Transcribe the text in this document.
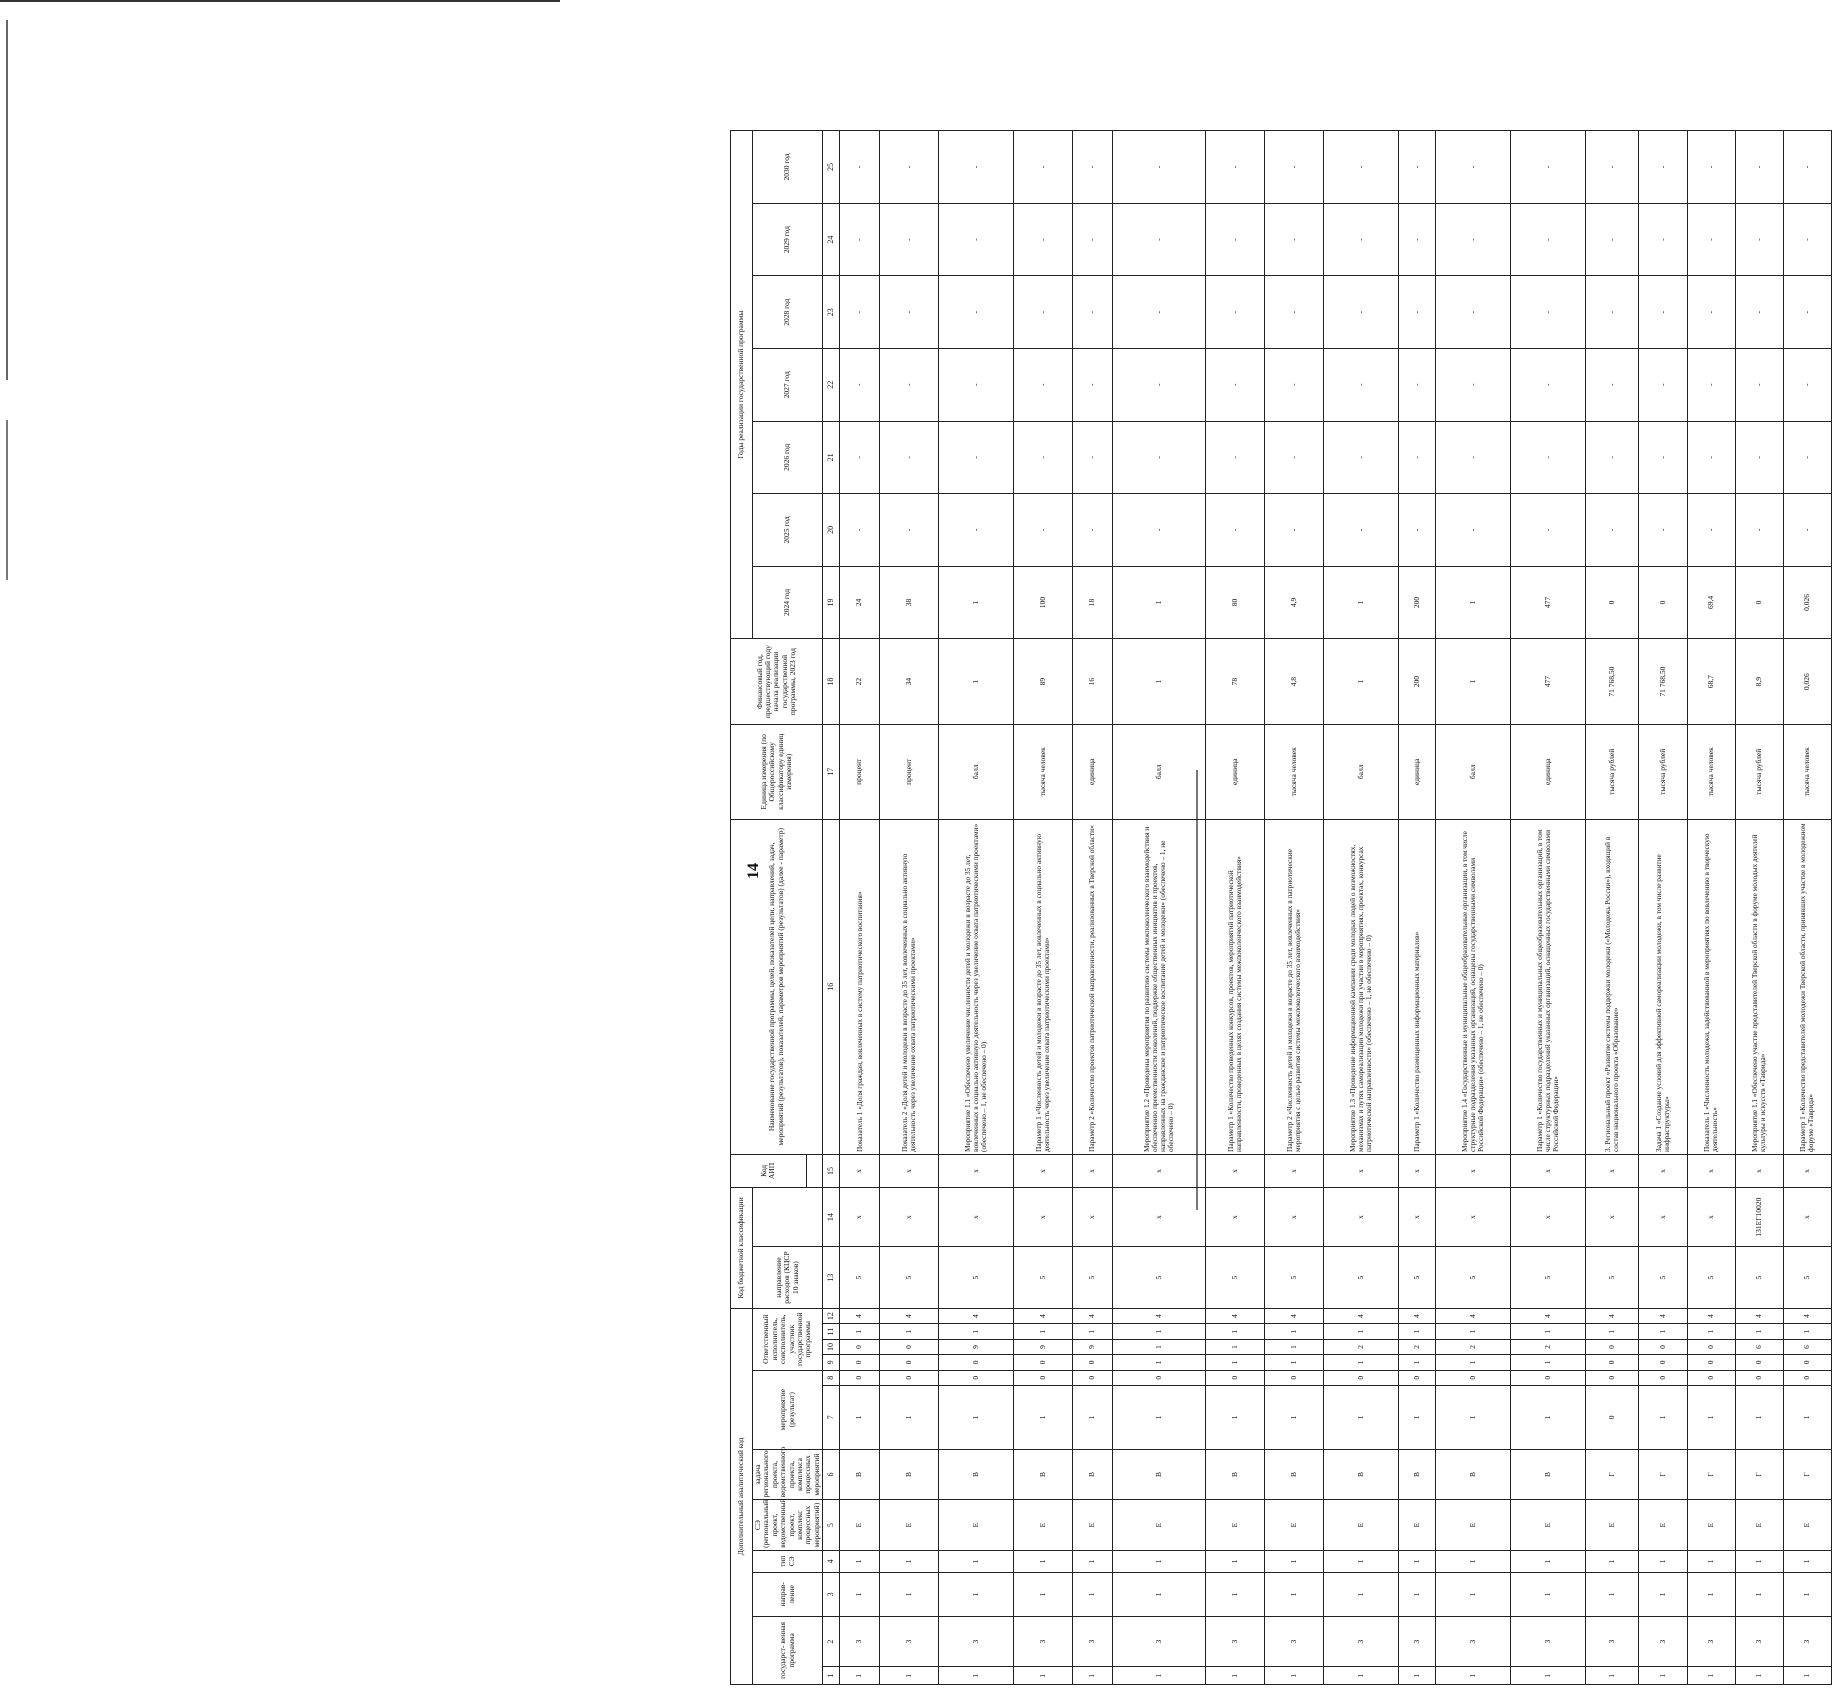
14
Дополнительный аналитический код												Код бюджетной классификации		Код АИП	Наименование государственной программы, целей, показателей цели, направлений, задач, мероприятий (результатов), показателей, параметров мероприятий (результатов) (далее - параметр)	Единица измерения (по Общероссийскому классификатору единиц измерения)	Финансовый год, предшествующий году начала реализации государственной программы, 2023 год	Годы реализации государственной программы						
государст- венная программа		направ- ление	тип СЭ	СЭ (региональный проект, ведомственный проект, комплекс процессных мероприятий)	задача регионального проекта, ведомственного проекта, комплекса процессных мероприятий	мероприятие (результат)		Ответственный исполнитель, соисполнитель, участник государственной программы				направление расходов (КЦСР 10 знаков)						2024 год	2025 год	2026 год	2027 год	2028 год	2029 год	2030 год

1	2	3	4	5	6	7	8	9	10	11	12	13	14	15	16	17	18	19	20	21	22	23	24	25
1	3	1	1	Е	В	1	0	0	0	1	4	5	х	х	Показатель 1 «Доля граждан, вовлеченных в систему патриотического воспитания»	процент	22	24	-	-	-	-	-	-
1	3	1	1	Е	В	1	0	0	0	1	4	5	х	х	Показатель 2 «Доля детей и молодежи в возрасте до 35 лет, вовлеченных в социально активную деятельность через увеличение охвата патриотическими проектами»	процент	34	38	-	-	-	-	-	-
1	3	1	1	Е	В	1	0	0	9	1	4	5	х	х	Мероприятие 1.1 «Обеспечено увеличение численности детей и молодежи в возрасте до 35 лет, вовлеченных в социально активную деятельность через увеличение охвата патриотическими проектами» (обеспечено – 1, не обеспечено – 0)	балл	1	1	-	-	-	-	-	-
1	3	1	1	Е	В	1	0	0	9	1	4	5	х	х	Параметр 1 «Численность детей и молодежи в возрасте до 35 лет, вовлеченных в социально активную деятельность через увеличение охвата патриотическими проектами»	тысяча человек	89	100	-	-	-	-	-	-
1	3	1	1	Е	В	1	0	0	9	1	4	5	х	х	Параметр 2 «Количество проектов патриотической направленности, реализованных в Тверской области»	единица	16	18	-	-	-	-	-	-
1	3	1	1	Е	В	1	0	1	1	1	4	5	х	х	Мероприятие 1.2 «Проведены мероприятия по развитию системы межпоколенческого взаимодействия и обеспечению преемственности поколений, поддержке общественных инициатив и проектов, направленных на гражданское и патриотическое воспитание детей и молодежи» (обеспечено – 1, не обеспечено – 0)	балл	1	1	-	-	-	-	-	-
1	3	1	1	Е	В	1	0	1	1	1	4	5	х	х	Параметр 1 «Количество проведенных конкурсов, проектов, мероприятий патриотической направленности, проведенных в целях создания системы межпоколенческого взаимодействия»	единица	78	80	-	-	-	-	-	-
1	3	1	1	Е	В	1	0	1	1	1	4	5	х	х	Параметр 2 «Численность детей и молодежи в возрасте до 35 лет, вовлеченных в патриотические мероприятия с целью развития системы межпоколенческого взаимодействия»	тысяча человек	4,8	4,9	-	-	-	-	-	-
1	3	1	1	Е	В	1	0	1	2	1	4	5	х	х	Мероприятие 1.3 «Проведение информационной кампании среди молодых людей о возможностях, механизмах и путях самореализации молодежи при участии в мероприятиях, проектах, конкурсах патриотической направленности» (обеспечено – 1, не обеспечено – 0)	балл	1	1	-	-	-	-	-	-
1	3	1	1	Е	В	1	0	1	2	1	4	5	х	х	Параметр 1 «Количество размещенных информационных материалов»	единица	200	200	-	-	-	-	-	-
1	3	1	1	Е	В	1	0	1	2	1	4	5	х	х	Мероприятие 1.4 «Государственные и муниципальные общеобразовательные организации, в том числе структурные подразделения указанных организаций, оснащены государственными символами Российской Федерации» (обеспечено – 1, не обеспечено – 0)	балл	1	1	-	-	-	-	-	-
1	3	1	1	Е	В	1	0	1	2	1	4	5	х	х	Параметр 1 «Количество государственных и муниципальных общеобразовательных организаций, в том числе структурных подразделений указанных организаций, оснащенных государственными символами Российской Федерации»	единица	477	477	-	-	-	-	-	-
1	3	1	1	Е	Г	0	0	0	0	1	4	5	х	х	3. Региональный проект «Развитие системы поддержки молодежи («Молодежь России»), входящий в состав национального проекта «Образование»	тысяча рублей	71 768,50	0	-	-	-	-	-	-
1	3	1	1	Е	Г	1	0	0	0	1	4	5	х	х	Задача 1 «Создание условий для эффективной самореализации молодежи, в том числе развитие инфраструктуры»	тысяча рублей	71 768,50	0	-	-	-	-	-	-
1	3	1	1	Е	Г	1	0	0	0	1	4	5	х	х	Показатель 1 «Численность молодежи, задействованной в мероприятиях по вовлечению в творческую деятельность»	тысяча человек	68,7	69,4	-	-	-	-	-	-
1	3	1	1	Е	Г	1	0	0	6	1	4	5	131ЕГ10020	х	Мероприятие 1.1 «Обеспечено участие представителей Тверской области в форуме молодых деятелей культуры и искусств «Таврида»	тысяча рублей	8,9	0	-	-	-	-	-	-
1	3	1	1	Е	Г	1	0	0	6	1	4	5	х	х	Параметр 1 «Количество представителей молодежи Тверской области, принявших участие в молодежном форуме «Таврида»	тысяча человек	0,026	0,026	-	-	-	-	-	-
